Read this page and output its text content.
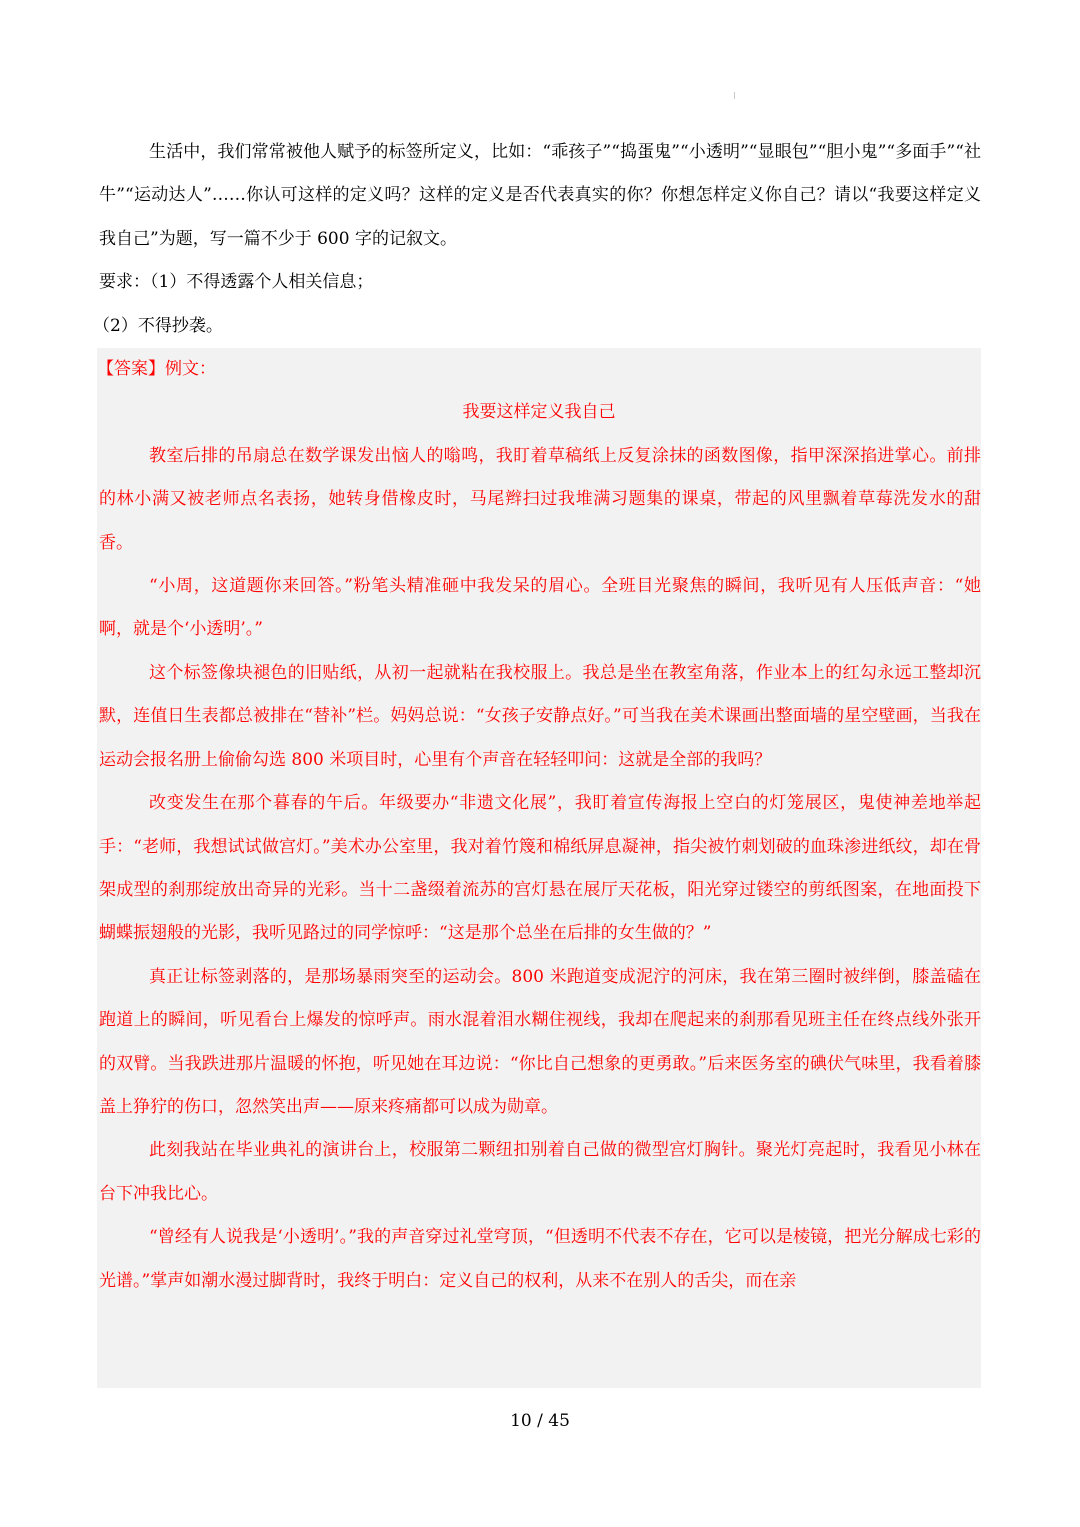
生活中，我们常常被他人赋予的标签所定义，比如：“乖孩子”“捣蛋鬼”“小透明”“显眼包”“胆小鬼”“多面手”“社牛”“运动达人”……你认可这样的定义吗？这样的定义是否代表真实的你？你想怎样定义你自己？请以“我要这样定义我自己”为题，写一篇不少于 600 字的记叙文。

要求：（1）不得透露个人相关信息；

（2）不得抄袭。

【答案】例文：

我要这样定义我自己

教室后排的吊扇总在数学课发出恼人的嗡鸣，我盯着草稿纸上反复涂抹的函数图像，指甲深深掐进掌心。前排的林小满又被老师点名表扬，她转身借橡皮时，马尾辫扫过我堆满习题集的课桌，带起的风里飘着草莓洗发水的甜香。

“小周，这道题你来回答。”粉笔头精准砸中我发呆的眉心。全班目光聚焦的瞬间，我听见有人压低声音：“她啊，就是个‘小透明’。”

这个标签像块褪色的旧贴纸，从初一起就粘在我校服上。我总是坐在教室角落，作业本上的红勾永远工整却沉默，连值日生表都总被排在“替补”栏。妈妈总说：“女孩子安静点好。”可当我在美术课画出整面墙的星空壁画，当我在运动会报名册上偷偷勾选 800 米项目时，心里有个声音在轻轻叩问：这就是全部的我吗？

改变发生在那个暮春的午后。年级要办“非遗文化展”，我盯着宣传海报上空白的灯笼展区，鬼使神差地举起手：“老师，我想试试做宫灯。”美术办公室里，我对着竹篾和棉纸屏息凝神，指尖被竹刺划破的血珠渗进纸纹，却在骨架成型的刹那绽放出奇异的光彩。当十二盏缀着流苏的宫灯悬在展厅天花板，阳光穿过镂空的剪纸图案，在地面投下蝴蝶振翅般的光影，我听见路过的同学惊呼：“这是那个总坐在后排的女生做的？”

真正让标签剥落的，是那场暴雨突至的运动会。800 米跑道变成泥泞的河床，我在第三圈时被绊倒，膝盖磕在跑道上的瞬间，听见看台上爆发的惊呼声。雨水混着泪水糊住视线，我却在爬起来的刹那看见班主任在终点线外张开的双臂。当我跌进那片温暖的怀抱，听见她在耳边说：“你比自己想象的更勇敢。”后来医务室的碘伏气味里，我看着膝盖上狰狞的伤口，忽然笑出声——原来疼痛都可以成为勋章。

此刻我站在毕业典礼的演讲台上，校服第二颗纽扣别着自己做的微型宫灯胸针。聚光灯亮起时，我看见小林在台下冲我比心。

“曾经有人说我是‘小透明’。”我的声音穿过礼堂穹顶，“但透明不代表不存在，它可以是棱镜，把光分解成七彩的光谱。”掌声如潮水漫过脚背时，我终于明白：定义自己的权利，从来不在别人的舌尖，而在亲

10 / 45
